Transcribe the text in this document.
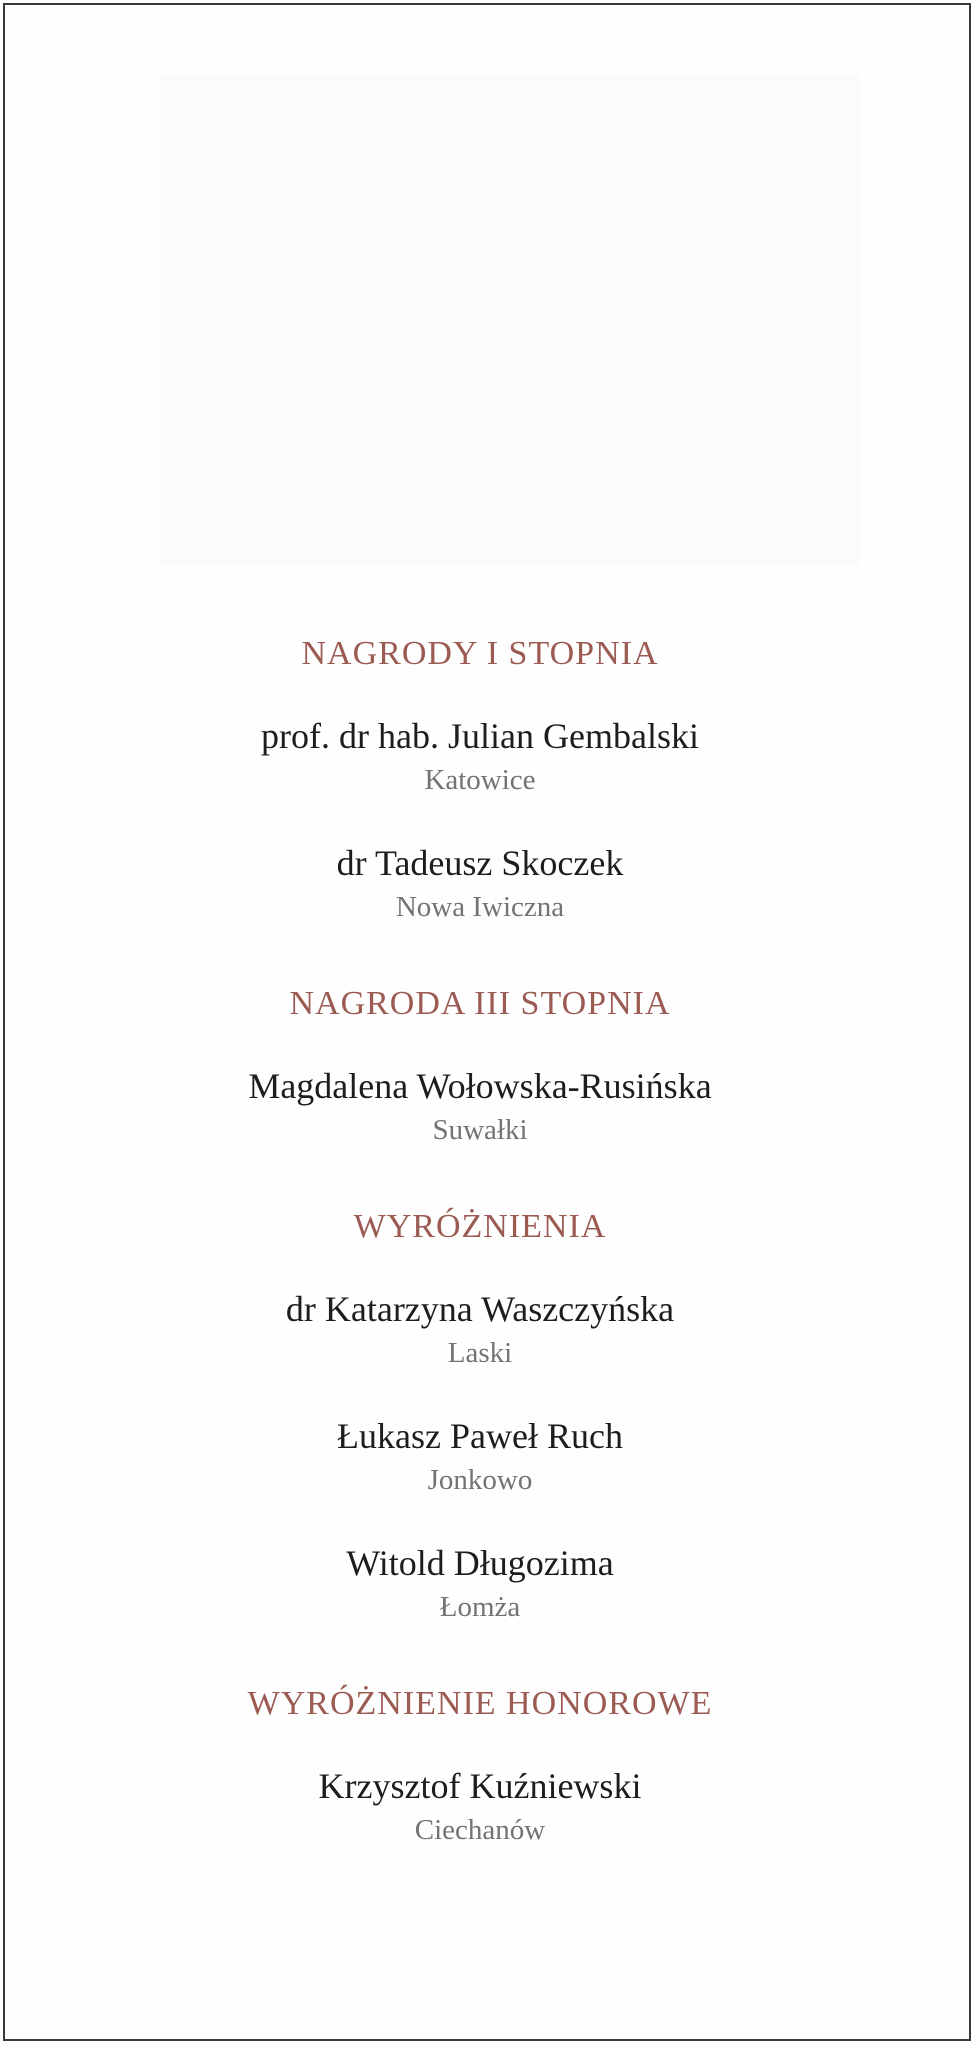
NAGRODY I STOPNIA
prof. dr hab. Julian Gembalski
Katowice
dr Tadeusz Skoczek
Nowa Iwiczna
NAGRODA III STOPNIA
Magdalena Wołowska-Rusińska
Suwałki
WYRÓŻNIENIA
dr Katarzyna Waszczyńska
Laski
Łukasz Paweł Ruch
Jonkowo
Witold Długozima
Łomża
WYRÓŻNIENIE HONOROWE
Krzysztof Kuźniewski
Ciechanów
